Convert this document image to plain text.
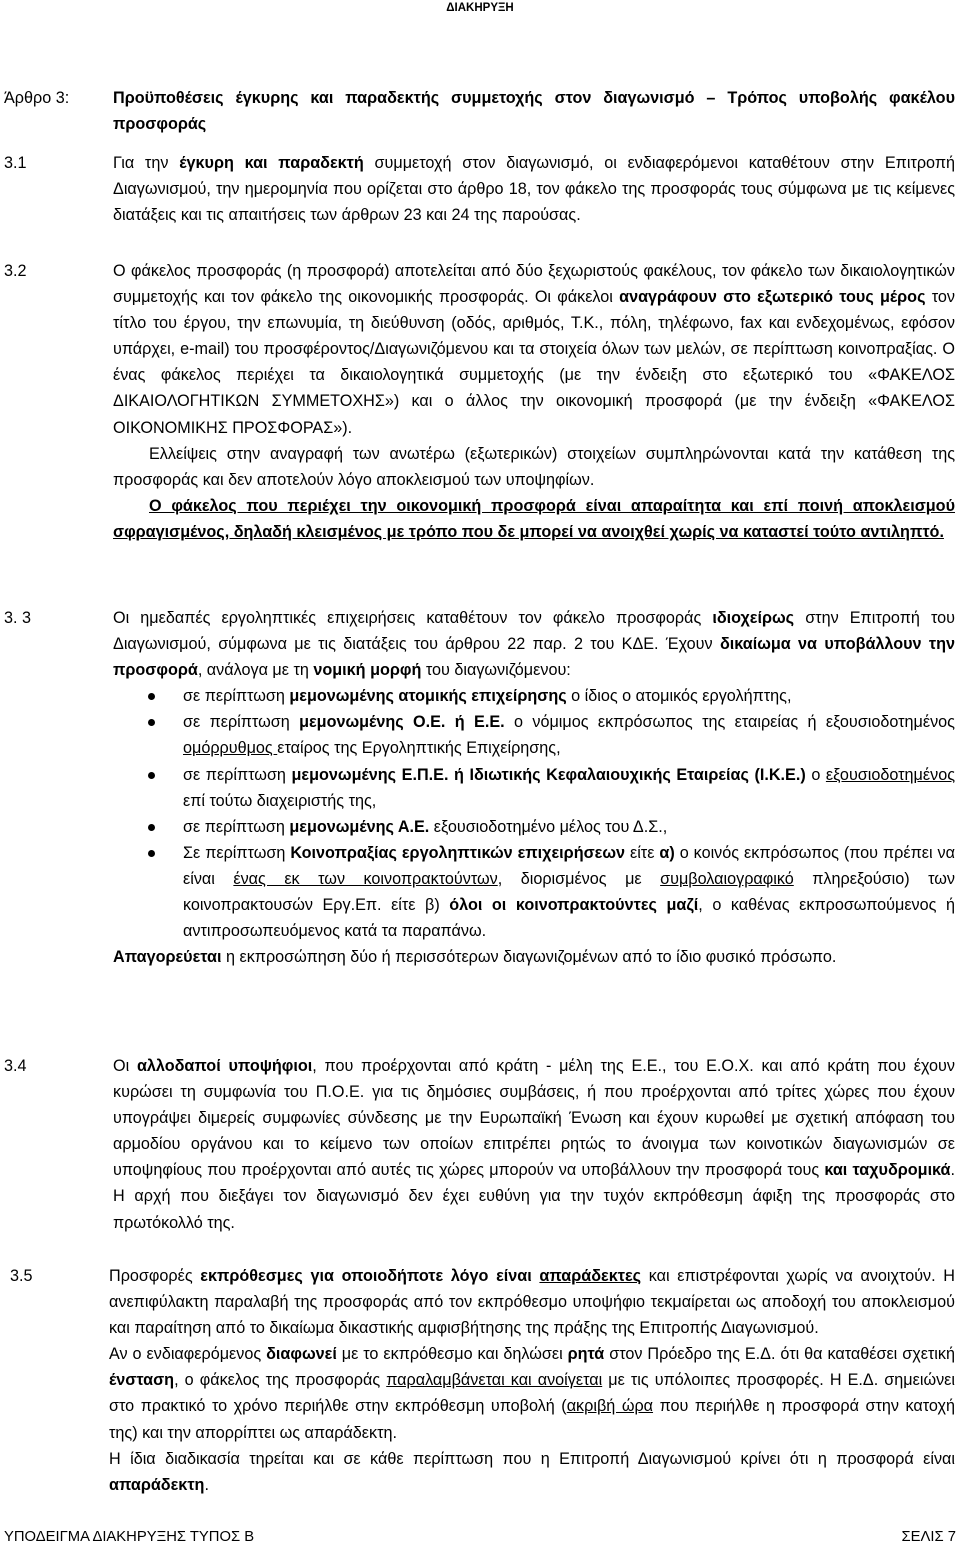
ΔΙΑΚΗΡΥΞΗ
Άρθρο 3:	Προϋποθέσεις έγκυρης και παραδεκτής συμμετοχής στον διαγωνισμό – Τρόπος υποβολής φακέλου προσφοράς
3.1	Για την έγκυρη και παραδεκτή συμμετοχή στον διαγωνισμό, οι ενδιαφερόμενοι καταθέτουν στην Επιτροπή Διαγωνισμού, την ημερομηνία που ορίζεται στο άρθρο 18, τον φάκελο της προσφοράς τους σύμφωνα με τις κείμενες διατάξεις και τις απαιτήσεις των άρθρων 23 και 24 της παρούσας.
3.2	Ο φάκελος προσφοράς (η προσφορά) αποτελείται από δύο ξεχωριστούς φακέλους, τον φάκελο των δικαιολογητικών συμμετοχής και τον φάκελο της οικονομικής προσφοράς. Οι φάκελοι αναγράφουν στο εξωτερικό τους μέρος τον τίτλο του έργου, την επωνυμία, τη διεύθυνση (οδός, αριθμός, Τ.Κ., πόλη, τηλέφωνο, fax και ενδεχομένως, εφόσον υπάρχει, e-mail) του προσφέροντος/Διαγωνιζόμενου και τα στοιχεία όλων των μελών, σε περίπτωση κοινοπραξίας. Ο ένας φάκελος περιέχει τα δικαιολογητικά συμμετοχής (με την ένδειξη στο εξωτερικό του «ΦΑΚΕΛΟΣ ΔΙΚΑΙΟΛΟΓΗΤΙΚΩΝ ΣΥΜΜΕΤΟΧΗΣ») και ο άλλος την οικονομική προσφορά (με την ένδειξη «ΦΑΚΕΛΟΣ ΟΙΚΟΝΟΜΙΚΗΣ ΠΡΟΣΦΟΡΑΣ»).

Ελλείψεις στην αναγραφή των ανωτέρω (εξωτερικών) στοιχείων συμπληρώνονται κατά την κατάθεση της προσφοράς και δεν αποτελούν λόγο αποκλεισμού των υποψηφίων.

Ο φάκελος που περιέχει την οικονομική προσφορά είναι απαραίτητα και επί ποινή αποκλεισμού σφραγισμένος, δηλαδή κλεισμένος με τρόπο που δε μπορεί να ανοιχθεί χωρίς να καταστεί τούτο αντιληπτό.

3. 3	Οι ημεδαπές εργοληπτικές επιχειρήσεις καταθέτουν τον φάκελο προσφοράς ιδιοχείρως στην Επιτροπή του Διαγωνισμού, σύμφωνα με τις διατάξεις του άρθρου 22 παρ. 2 του ΚΔΕ. Έχουν δικαίωμα να υποβάλλουν την προσφορά, ανάλογα με τη νομική μορφή του διαγωνιζόμενου:

σε περίπτωση μεμονωμένης ατομικής επιχείρησης ο ίδιος ο ατομικός εργολήπτης,
σε περίπτωση μεμονωμένης Ο.Ε. ή Ε.Ε. ο νόμιμος εκπρόσωπος της εταιρείας ή εξουσιοδοτημένος ομόρρυθμος εταίρος της Εργοληπτικής Επιχείρησης,
σε περίπτωση μεμονωμένης Ε.Π.Ε. ή Ιδιωτικής Κεφαλαιουχικής Εταιρείας (Ι.Κ.Ε.) ο εξουσιοδοτημένος επί τούτω διαχειριστής της,
σε περίπτωση μεμονωμένης Α.Ε. εξουσιοδοτημένο μέλος του Δ.Σ.,
Σε περίπτωση Κοινοπραξίας εργοληπτικών επιχειρήσεων είτε α) ο κοινός εκπρόσωπος (που πρέπει να είναι ένας εκ των κοινοπρακτούντων, διορισμένος με συμβολαιογραφικό πληρεξούσιο) των κοινοπρακτουσών Εργ.Επ. είτε β) όλοι οι κοινοπρακτούντες μαζί, ο καθένας εκπροσωπούμενος ή αντιπροσωπευόμενος κατά τα παραπάνω.

Απαγορεύεται η εκπροσώπηση δύο ή περισσότερων διαγωνιζομένων από το ίδιο φυσικό πρόσωπο.

3.4	Οι αλλοδαποί υποψήφιοι, που προέρχονται από κράτη - μέλη της Ε.Ε., του Ε.Ο.Χ. και από κράτη που έχουν κυρώσει τη συμφωνία του Π.Ο.Ε. για τις δημόσιες συμβάσεις, ή που προέρχονται από τρίτες χώρες που έχουν υπογράψει διμερείς συμφωνίες σύνδεσης με την Ευρωπαϊκή Ένωση και έχουν κυρωθεί με σχετική απόφαση του αρμοδίου οργάνου και το κείμενο των οποίων επιτρέπει ρητώς το άνοιγμα των κοινοτικών διαγωνισμών σε υποψηφίους που προέρχονται από αυτές τις χώρες μπορούν να υποβάλλουν την προσφορά τους και ταχυδρομικά. Η αρχή που διεξάγει τον διαγωνισμό δεν έχει ευθύνη για την τυχόν εκπρόθεσμη άφιξη της προσφοράς στο πρωτόκολλό της.
3.5	Προσφορές εκπρόθεσμες για οποιοδήποτε λόγο είναι απαράδεκτες και επιστρέφονται χωρίς να ανοιχτούν. Η ανεπιφύλακτη παραλαβή της προσφοράς από τον εκπρόθεσμο υποψήφιο τεκμαίρεται ως αποδοχή του αποκλεισμού και παραίτηση από το δικαίωμα δικαστικής αμφισβήτησης της πράξης της Επιτροπής Διαγωνισμού.

Αν ο ενδιαφερόμενος διαφωνεί με το εκπρόθεσμο και δηλώσει ρητά στον Πρόεδρο της Ε.Δ. ότι θα καταθέσει σχετική ένσταση, ο φάκελος της προσφοράς παραλαμβάνεται και ανοίγεται με τις υπόλοιπες προσφορές. Η Ε.Δ. σημειώνει στο πρακτικό το χρόνο περιήλθε στην εκπρόθεσμη υποβολή (ακριβή ώρα που περιήλθε η προσφορά στην κατοχή της) και την απορρίπτει ως απαράδεκτη.

Η ίδια διαδικασία τηρείται και σε κάθε περίπτωση που η Επιτροπή Διαγωνισμού κρίνει ότι η προσφορά είναι απαράδεκτη.

ΥΠΟΔΕΙΓΜΑ ΔΙΑΚΗΡΥΞΗΣ ΤΥΠΟΣ Β	ΣΕΛΙΣ 7
